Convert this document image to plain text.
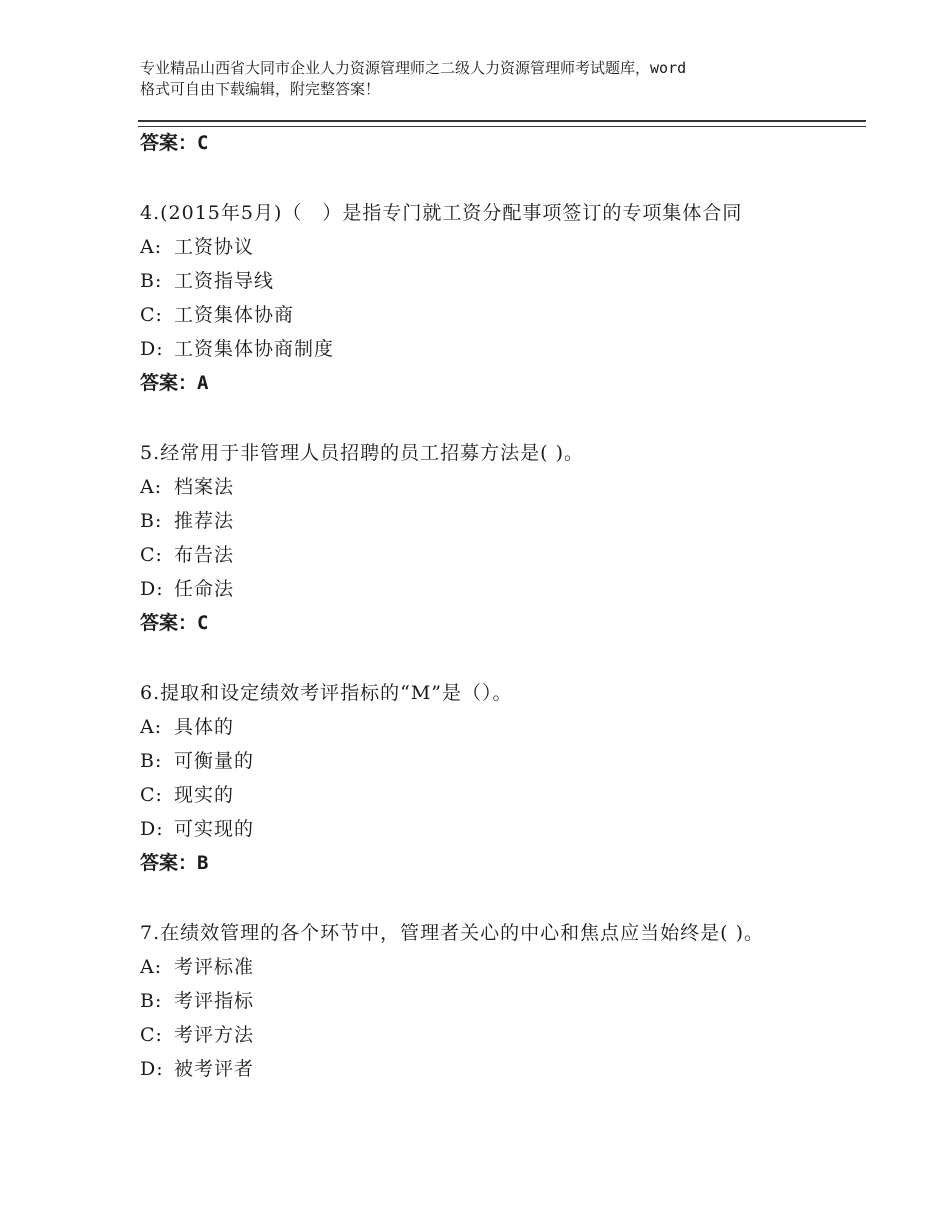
专业精品山西省大同市企业人力资源管理师之二级人力资源管理师考试题库，word
格式可自由下载编辑，附完整答案！
答案：C
4.(2015年5月)（　）是指专门就工资分配事项签订的专项集体合同
A: 工资协议
B: 工资指导线
C: 工资集体协商
D: 工资集体协商制度
答案：A
5.经常用于非管理人员招聘的员工招募方法是( )。
A: 档案法
B: 推荐法
C: 布告法
D: 任命法
答案：C
6.提取和设定绩效考评指标的“M”是（）。
A: 具体的
B: 可衡量的
C: 现实的
D: 可实现的
答案：B
7.在绩效管理的各个环节中，管理者关心的中心和焦点应当始终是( )。
A: 考评标准
B: 考评指标
C: 考评方法
D: 被考评者
